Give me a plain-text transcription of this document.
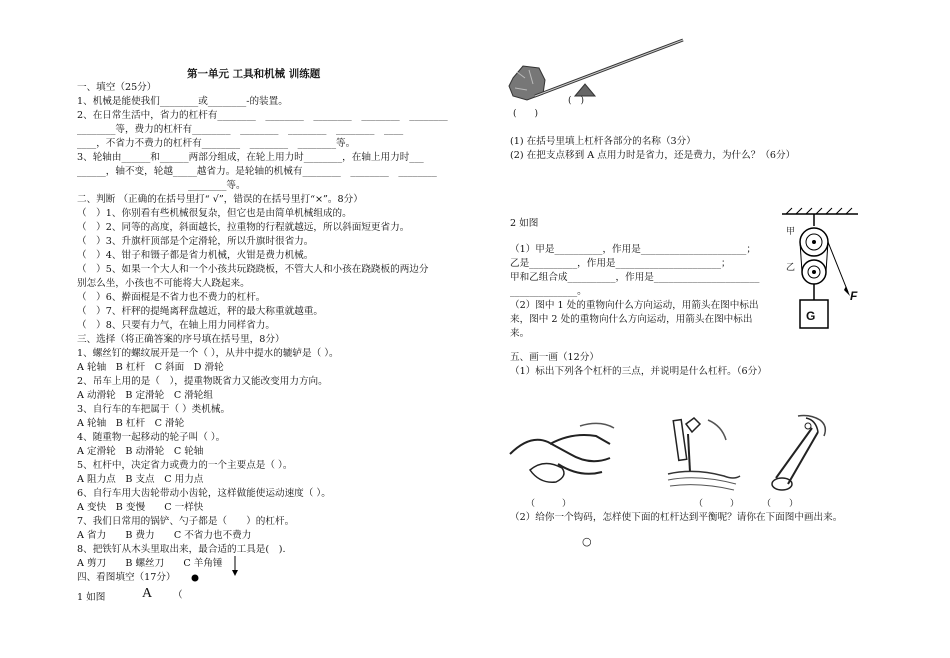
第一单元 工具和机械 训练题
一、填空（25分）
1、机械是能使我们________或________-的装置。
2、在日常生活中，省力的杠杆有________　________　________　________　________
________等，费力的杠杆有________　________　________　________　____
____，不省力不费力的杠杆有________　________　________等。
3、轮轴由______和______两部分组成，在轮上用力时________，在轴上用力时___
______，轴不变，轮越_____越省力。是轮轴的机械有________　________　________
________等。
二、判断 （正确的在括号里打“ √”，错误的在括号里打“×”。8分）
（　）1、你别看有些机械很复杂，但它也是由简单机械组成的。
（　）2、同等的高度，斜面越长，拉重物的行程就越远，所以斜面短更省力。
（　）3、升旗杆顶部是个定滑轮，所以升旗时很省力。
（　）4、钳子和镊子都是省力机械，火钳是费力机械。
（　）5、如果一个大人和一个小孩共玩跷跷板，不管大人和小孩在跷跷板的两边分
别怎么坐，小孩也不可能将大人跷起来。
（　）6、擀面棍是不省力也不费力的杠杆。
（　）7、杆秤的提绳离秤盘越近，秤的最大称重就越重。
（　）8、只要有力气，在轴上用力同样省力。
三、选择（将正确答案的序号填在括号里，8分）
1、螺丝钉的螺纹展开是一个（ ），从井中提水的辘轳是（ ）。
A 轮轴　B 杠杆　C 斜面　D 滑轮
2、吊车上用的是（　），提重物既省力又能改变用力方向。
A 动滑轮　B 定滑轮　C 滑轮组
3、自行车的车把属于（ ）类机械。
A 轮轴　B 杠杆　C 滑轮
4、随重物一起移动的轮子叫（ ）。
A 定滑轮　B 动滑轮　C 轮轴
5、杠杆中，决定省力或费力的一个主要点是（ ）。
A 阻力点　B 支点　C 用力点
6、自行车用大齿轮带动小齿轮，这样做能使运动速度（ ）。
A 变快　B 变慢　　C 一样快
7、我们日常用的锅铲、勺子都是（　　）的杠杆。
A 省力　　B 费力　　C 不省力也不费力
8、把铁钉从木头里取出来，最合适的工具是(　).
A 剪刀　　B 螺丝刀　　C 羊角锤
四、看图填空（17分）
1 如图	A （
(　)
(　　)
(1) 在括号里填上杠杆各部分的名称（3分）
(2) 在把支点移到 A 点用力时是省力，还是费力，为什么？（6分）
2 如图
（1）甲是__________，作用是______________________；
乙是__________，作用是______________________；
甲和乙组合成__________，作用是______________________
______________。
（2）图中 1 处的重物向什么方向运动，用箭头在图中标出
来，图中 2 处的重物向什么方向运动，用箭头在图中标出
来。
甲
乙
F
G
五、画一画（12分）
（1）标出下列各个杠杆的三点，并说明是什么杠杆。（6分）
（　　　）	（　　　）	（　　）
（2）给你一个钩码，怎样使下面的杠杆达到平衡呢？请你在下面图中画出来。
○
